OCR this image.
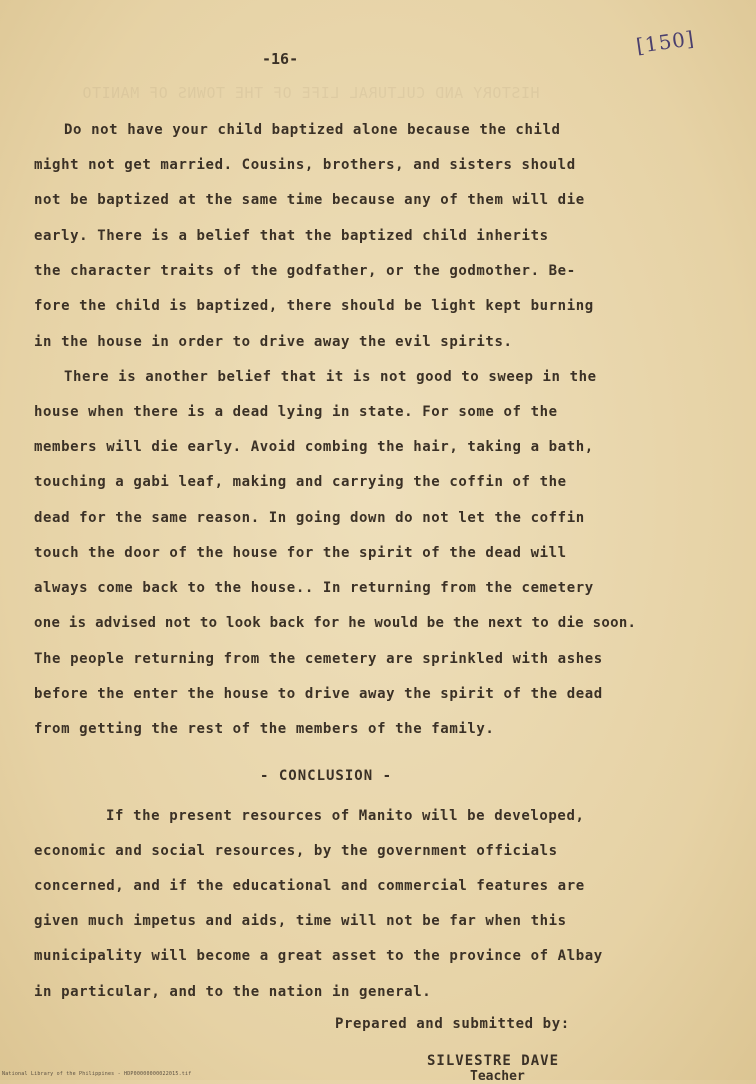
HISTORY AND CULTURAL LIFE OF THE TOWNS OF MANITO
-16-
[150]
Do not have your child baptized alone because the child
might not get married. Cousins, brothers, and sisters should
not be baptized at the same time because any of them will die
early. There is a belief that the baptized child inherits
the character traits of the godfather, or the godmother. Be-
fore the child is baptized, there should be light kept burning
in the house in order to drive away the evil spirits.
There is another belief that it is not good to sweep in the
house when there is a dead lying in state. For some of the
members will die early. Avoid combing the hair, taking a bath,
touching a gabi leaf, making and carrying the coffin of the
dead for the same reason. In going down do not let the coffin
touch the door of the house for the spirit of the dead will
always come back to the house.. In returning from the cemetery
one is advised not to look back for he would be the next to die soon.
The people returning from the cemetery are sprinkled with ashes
before the enter the house to drive away the spirit of the dead
from getting the rest of the members of the family.
- CONCLUSION -
If the present resources of Manito will be developed,
economic and social resources, by the government officials
concerned, and if the educational and commercial features are
given much impetus and aids, time will not be far when this
municipality will become a great asset to the province of Albay
in particular, and to the nation in general.
Prepared and submitted by:
SILVESTRE DAVE
Teacher
National Library of the Philippines - HDP00000000022015.tif
